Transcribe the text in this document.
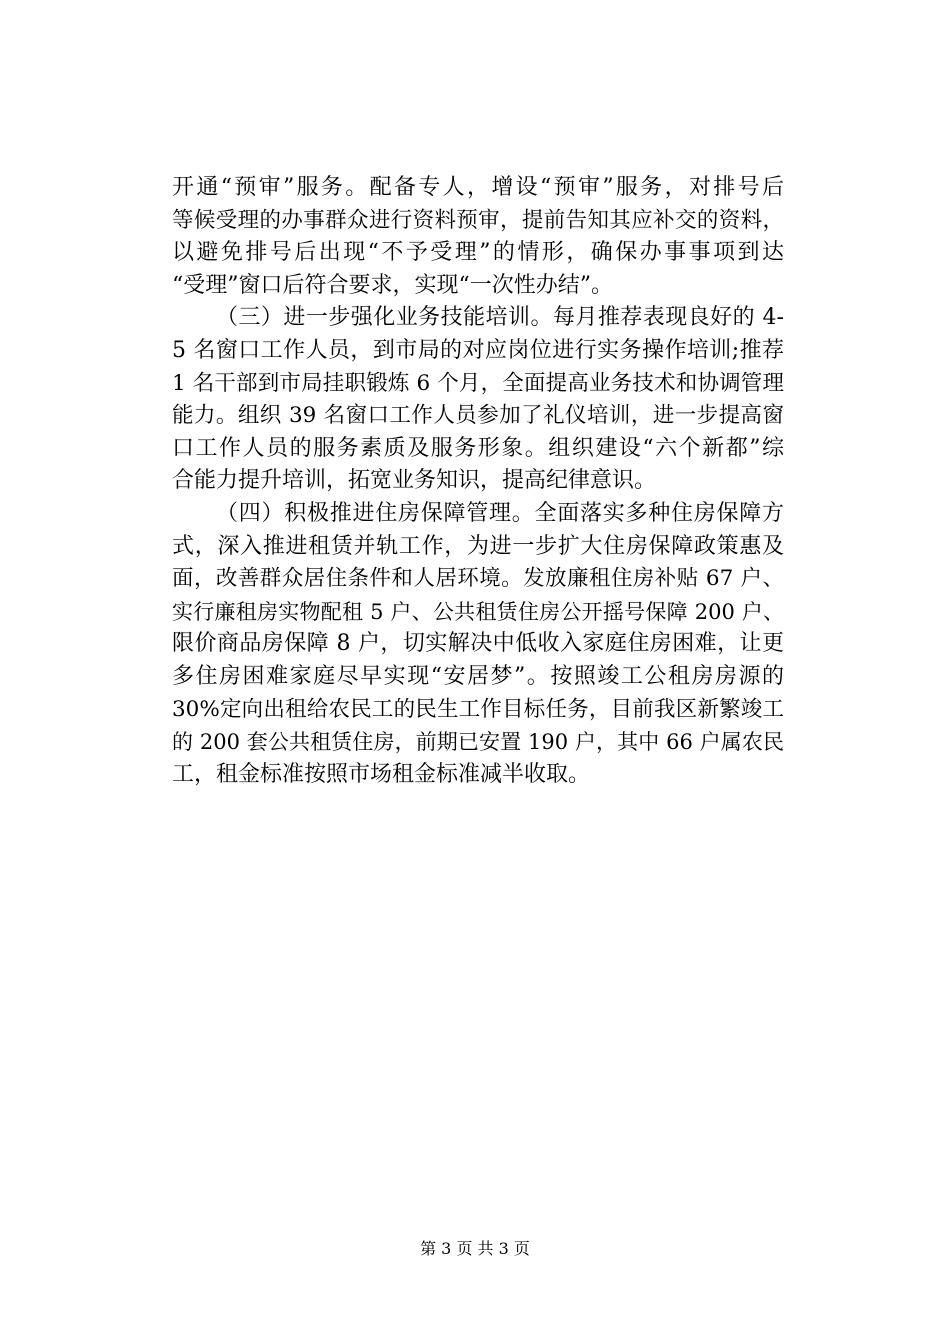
开通“预审”服务。配备专人，增设“预审”服务，对排号后
等候受理的办事群众进行资料预审，提前告知其应补交的资料，
以避免排号后出现“不予受理”的情形，确保办事事项到达
“受理”窗口后符合要求，实现“一次性办结”。
（三）进一步强化业务技能培训。每月推荐表现良好的 4-
5 名窗口工作人员，到市局的对应岗位进行实务操作培训;推荐
1 名干部到市局挂职锻炼 6 个月，全面提高业务技术和协调管理
能力。组织 39 名窗口工作人员参加了礼仪培训，进一步提高窗
口工作人员的服务素质及服务形象。组织建设“六个新都”综
合能力提升培训，拓宽业务知识，提高纪律意识。
（四）积极推进住房保障管理。全面落实多种住房保障方
式，深入推进租赁并轨工作，为进一步扩大住房保障政策惠及
面，改善群众居住条件和人居环境。发放廉租住房补贴 67 户、
实行廉租房实物配租 5 户、公共租赁住房公开摇号保障 200 户、
限价商品房保障 8 户，切实解决中低收入家庭住房困难，让更
多住房困难家庭尽早实现“安居梦”。按照竣工公租房房源的
30%定向出租给农民工的民生工作目标任务，目前我区新繁竣工
的 200 套公共租赁住房，前期已安置 190 户，其中 66 户属农民
工，租金标准按照市场租金标准减半收取。
第 3 页 共 3 页
